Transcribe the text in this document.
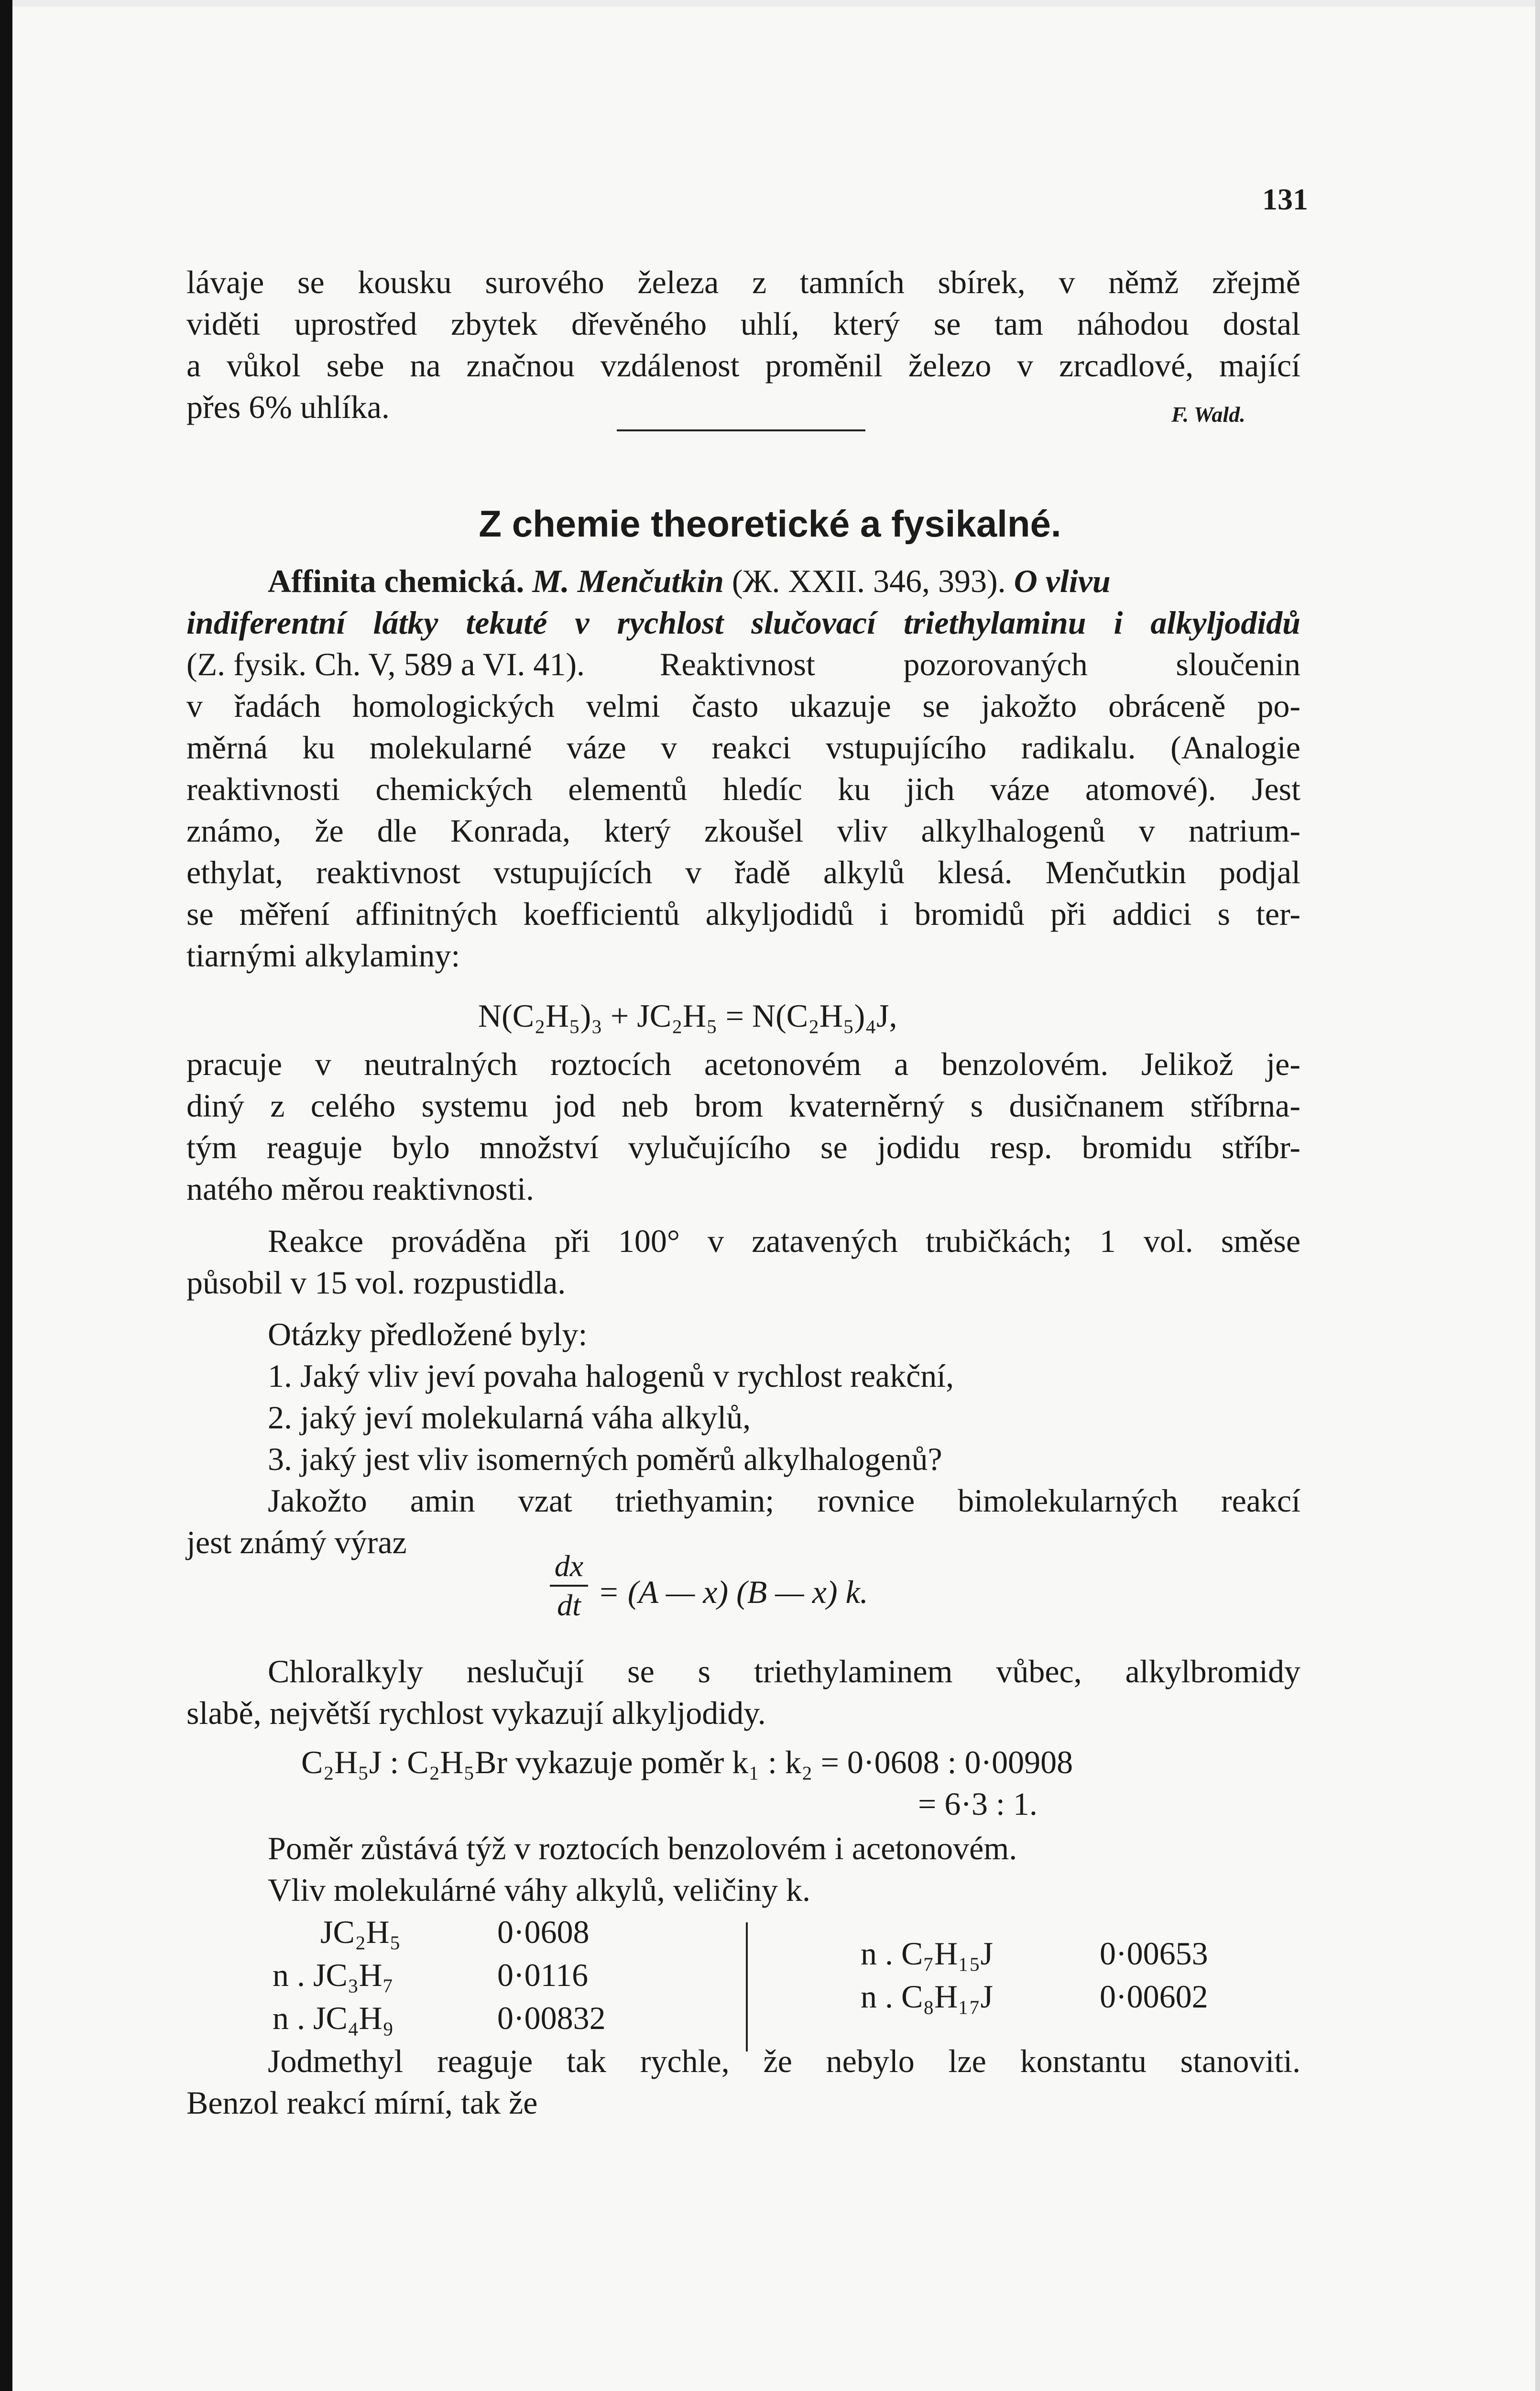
131
lávaje se kousku surového železa z tamních sbírek, v němž zřejmě
viděti uprostřed zbytek dřevěného uhlí, který se tam náhodou dostal
a vůkol sebe na značnou vzdálenost proměnil železo v zrcadlové, mající
přes 6% uhlíka.	F. Wald.
Z chemie theoretické a fysikalné.
Affinita chemická. M. Menčutkin (Ж. XXII. 346, 393). O vlivu
indiferentní látky tekuté v rychlost slučovací triethylaminu i alkyljodidů
(Z. fysik. Ch. V, 589 a VI. 41).	Reaktivnost pozorovaných sloučenin
v řadách homologických velmi často ukazuje se jakožto obráceně po-
měrná ku molekularné váze v reakci vstupujícího radikalu. (Analogie
reaktivnosti chemických elementů hledíc ku jich váze atomové). Jest
známo, že dle Konrada, který zkoušel vliv alkylhalogenů v natrium-
ethylat, reaktivnost vstupujících v řadě alkylů klesá. Menčutkin podjal
se měření affinitných koefficientů alkyljodidů i bromidů při addici s ter-
tiarnými alkylaminy:
N(C₂H₅)₃ + JC₂H₅ = N(C₂H₅)₄J,
pracuje v neutralných roztocích acetonovém a benzolovém. Jelikož je-
diný z celého systemu jod neb brom kvaterněrný s dusičnanem stříbrna-
tým reaguje bylo množství vylučujícího se jodidu resp. bromidu stříbr-
natého měrou reaktivnosti.
Reakce prováděna při 100° v zatavených trubičkách; 1 vol. směse
působil v 15 vol. rozpustidla.
Otázky předložené byly:
1. Jaký vliv jeví povaha halogenů v rychlost reakční,
2. jaký jeví molekularná váha alkylů,
3. jaký jest vliv isomerných poměrů alkylhalogenů?
Jakožto amin vzat triethyamin; rovnice bimolekularných reakcí
jest známý výraz
dx
dt = (A — x) (B — x) k.
Chloralkyly neslučují se s triethylaminem vůbec, alkylbromidy
slabě, největší rychlost vykazují alkyljodidy.
C₂H₅J : C₂H₅Br vykazuje poměr k₁ : k₂ = 0·0608 : 0·00908
= 6·3 : 1.
Poměr zůstává týž v roztocích benzolovém i acetonovém.
Vliv molekulárné váhy alkylů, veličiny k.
JC₂H₅	0·0608
n . JC₃H₇	0·0116
n . JC₄H₉	0·00832
n . C₇H₁₅J	0·00653
n . C₈H₁₇J	0·00602
Jodmethyl reaguje tak rychle, že nebylo lze konstantu stanoviti.
Benzol reakcí mírní, tak že
